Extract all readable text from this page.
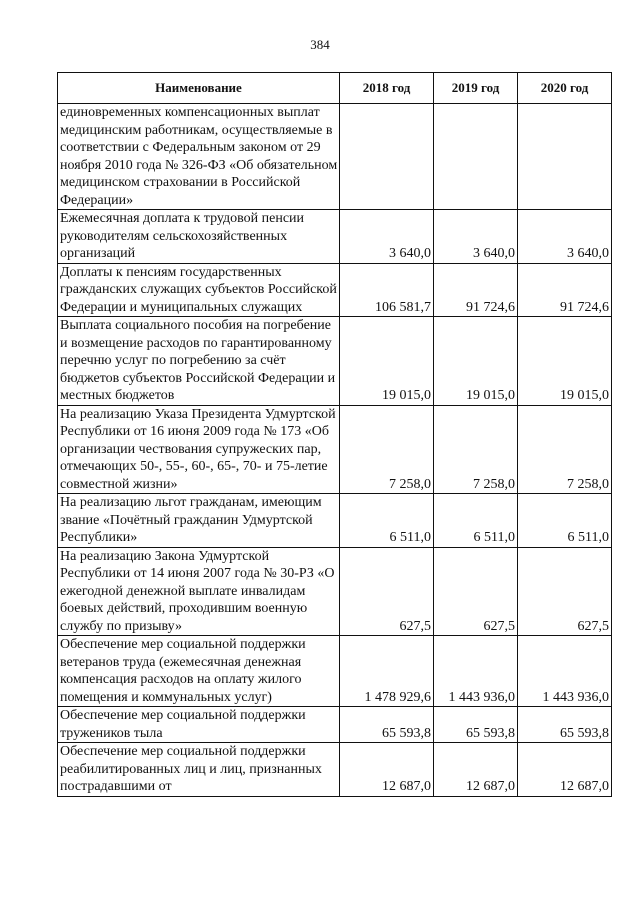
384
Наименование	2018 год	2019 год	2020 год
единовременных компенсационных выплат медицинским работникам, осуществляемые в соответствии с Федеральным законом от 29 ноября 2010 года № 326-ФЗ «Об обязательном медицинском страховании в Российской Федерации»			
Ежемесячная доплата к трудовой пенсии руководителям сельскохозяйственных организаций	3 640,0	3 640,0	3 640,0
Доплаты к пенсиям государственных гражданских служащих субъектов Российской Федерации и муниципальных служащих	106 581,7	91 724,6	91 724,6
Выплата социального пособия на погребение и возмещение расходов по гарантированному перечню услуг по погребению за счёт бюджетов субъектов Российской Федерации и местных бюджетов	19 015,0	19 015,0	19 015,0
На реализацию Указа Президента Удмуртской Республики от 16 июня 2009 года № 173 «Об организации чествования супружеских пар, отмечающих 50-, 55-, 60-, 65-, 70- и 75-летие совместной жизни»	7 258,0	7 258,0	7 258,0
На реализацию льгот гражданам, имеющим звание «Почётный гражданин Удмуртской Республики»	6 511,0	6 511,0	6 511,0
На реализацию Закона Удмуртской Республики от 14 июня 2007 года № 30-РЗ «О ежегодной денежной выплате инвалидам боевых действий, проходившим военную службу по призыву»	627,5	627,5	627,5
Обеспечение мер социальной поддержки ветеранов труда (ежемесячная денежная компенсация расходов на оплату жилого помещения и коммунальных услуг)	1 478 929,6	1 443 936,0	1 443 936,0
Обеспечение мер социальной поддержки тружеников тыла	65 593,8	65 593,8	65 593,8
Обеспечение мер социальной поддержки реабилитированных лиц и лиц, признанных пострадавшими от	12 687,0	12 687,0	12 687,0
